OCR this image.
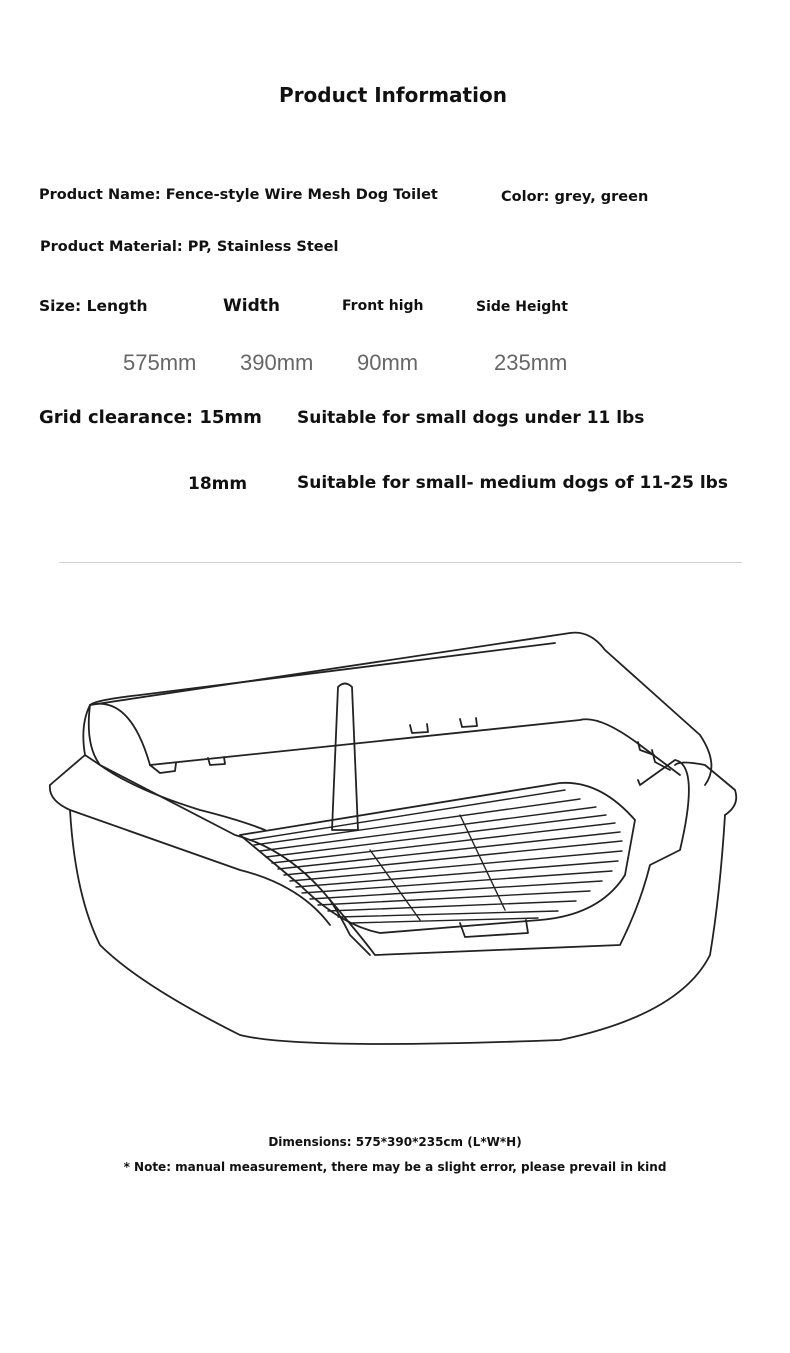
Product Information
Product Name: Fence-style Wire Mesh Dog Toilet	Color: grey, green
Product Material: PP, Stainless Steel
Size: Length	Width	Front high	Side Height
575mm 390mm 90mm	235mm
Grid clearance: 15mm Suitable for small dogs under 11 lbs
18mm	Suitable for small- medium dogs of 11-25 lbs
Dimensions: 575*390*235cm (L*W*H)
* Note: manual measurement, there may be a slight error, please prevail in kind
